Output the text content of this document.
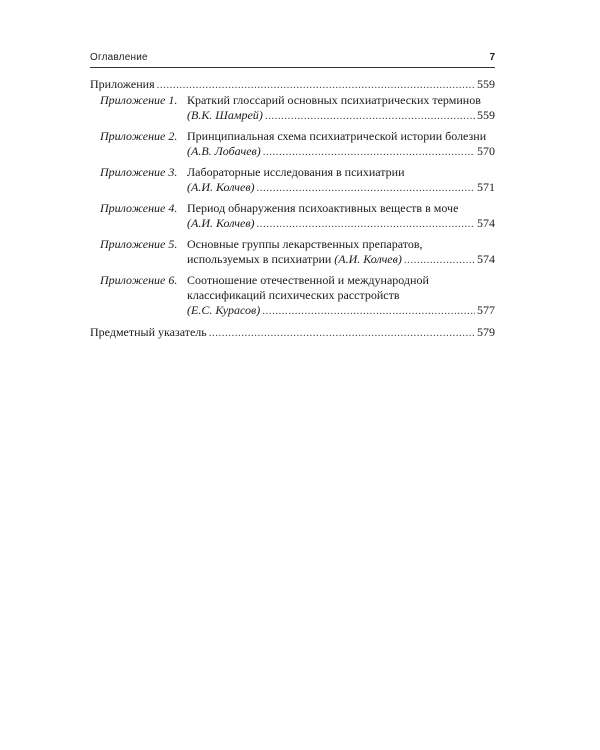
Оглавление	7
Приложения .....	559
Приложение 1. Краткий глоссарий основных психиатрических терминов
(В.К. Шамрей) .....	559
Приложение 2. Принципиальная схема психиатрической истории болезни
(А.В. Лобачев) .....	570
Приложение 3. Лабораторные исследования в психиатрии
(А.И. Колчев) .....	571
Приложение 4. Период обнаружения психоактивных веществ в моче
(А.И. Колчев) .....	574
Приложение 5. Основные группы лекарственных препаратов,
используемых в психиатрии (А.И. Колчев) .....	574
Приложение 6. Соотношение отечественной и международной
классификаций психических расстройств
(Е.С. Курасов) .....	577
Предметный указатель .....	579
